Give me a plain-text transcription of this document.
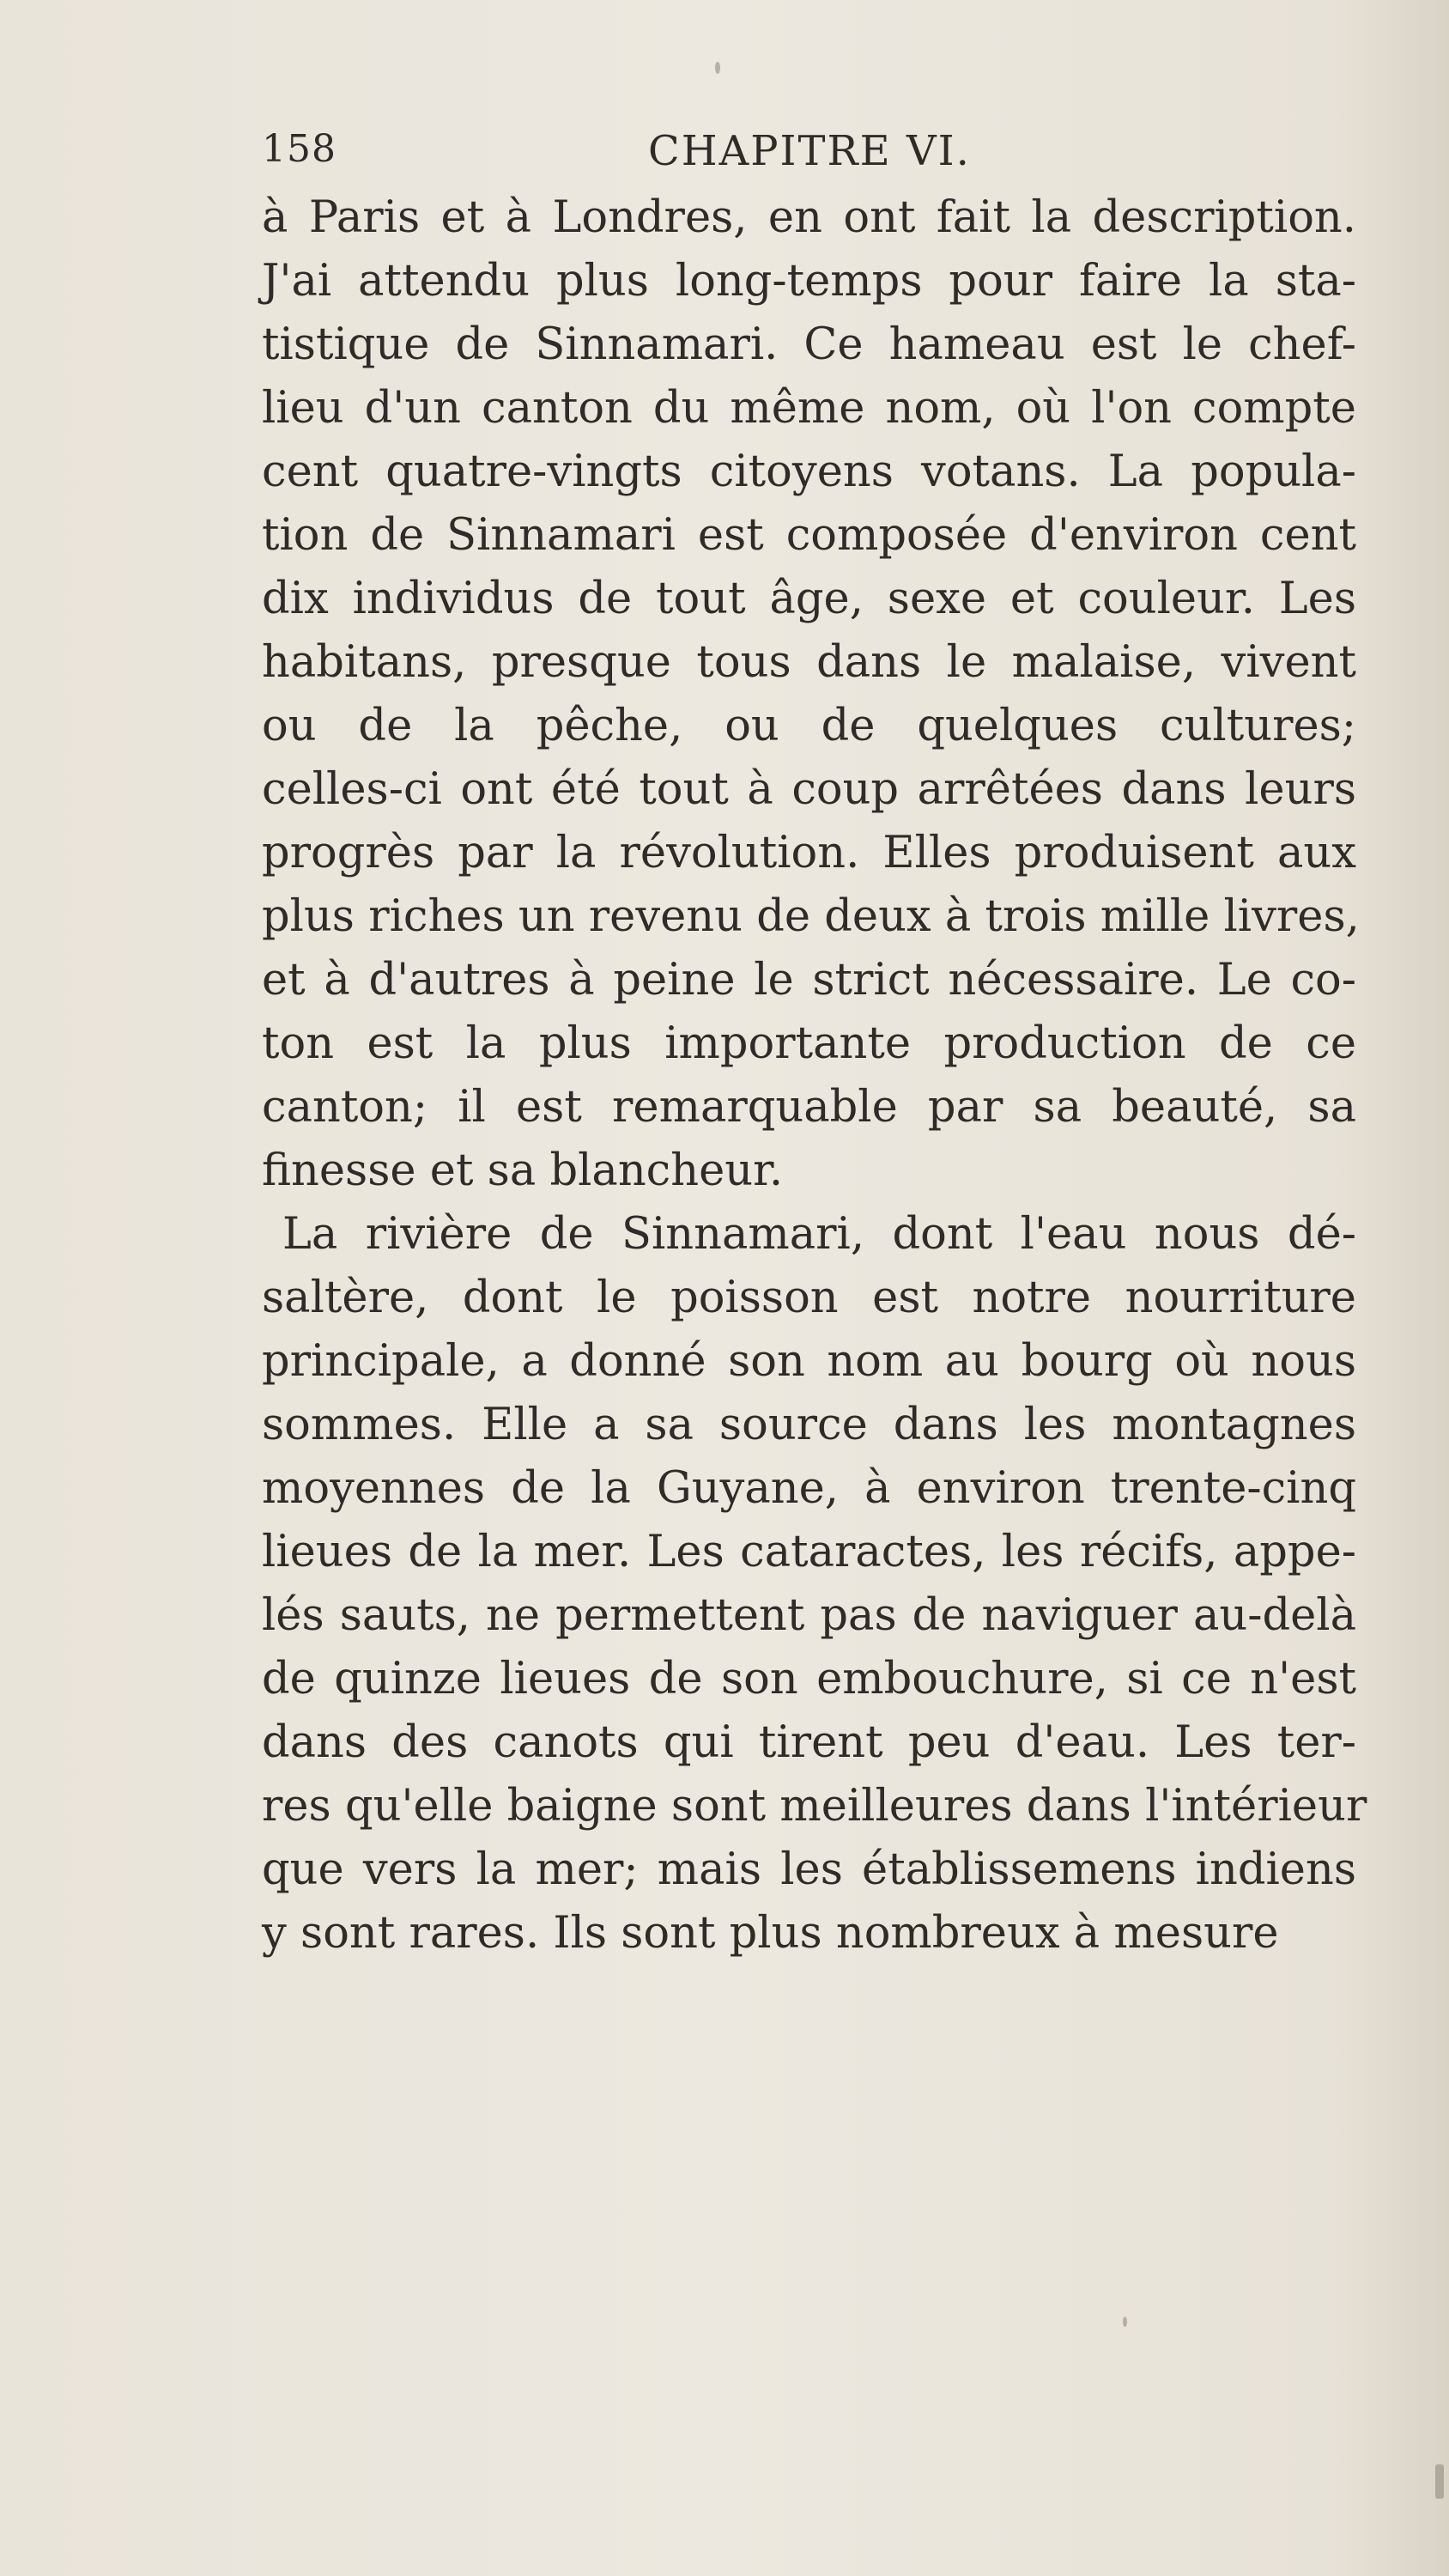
158	CHAPITRE VI.
à Paris et à Londres, en ont fait la description.
J'ai attendu plus long-temps pour faire la sta-
tistique de Sinnamari. Ce hameau est le chef-
lieu d'un canton du même nom, où l'on compte
cent quatre-vingts citoyens votans. La popula-
tion de Sinnamari est composée d'environ cent
dix individus de tout âge, sexe et couleur. Les
habitans, presque tous dans le malaise, vivent
ou de la pêche, ou de quelques cultures;
celles-ci ont été tout à coup arrêtées dans leurs
progrès par la révolution. Elles produisent aux
plus riches un revenu de deux à trois mille livres,
et à d'autres à peine le strict nécessaire. Le co-
ton est la plus importante production de ce
canton; il est remarquable par sa beauté, sa
finesse et sa blancheur.
La rivière de Sinnamari, dont l'eau nous dé-
saltère, dont le poisson est notre nourriture
principale, a donné son nom au bourg où nous
sommes. Elle a sa source dans les montagnes
moyennes de la Guyane, à environ trente-cinq
lieues de la mer. Les cataractes, les récifs, appe-
lés sauts, ne permettent pas de naviguer au-delà
de quinze lieues de son embouchure, si ce n'est
dans des canots qui tirent peu d'eau. Les ter-
res qu'elle baigne sont meilleures dans l'intérieur
que vers la mer; mais les établissemens indiens
y sont rares. Ils sont plus nombreux à mesure
